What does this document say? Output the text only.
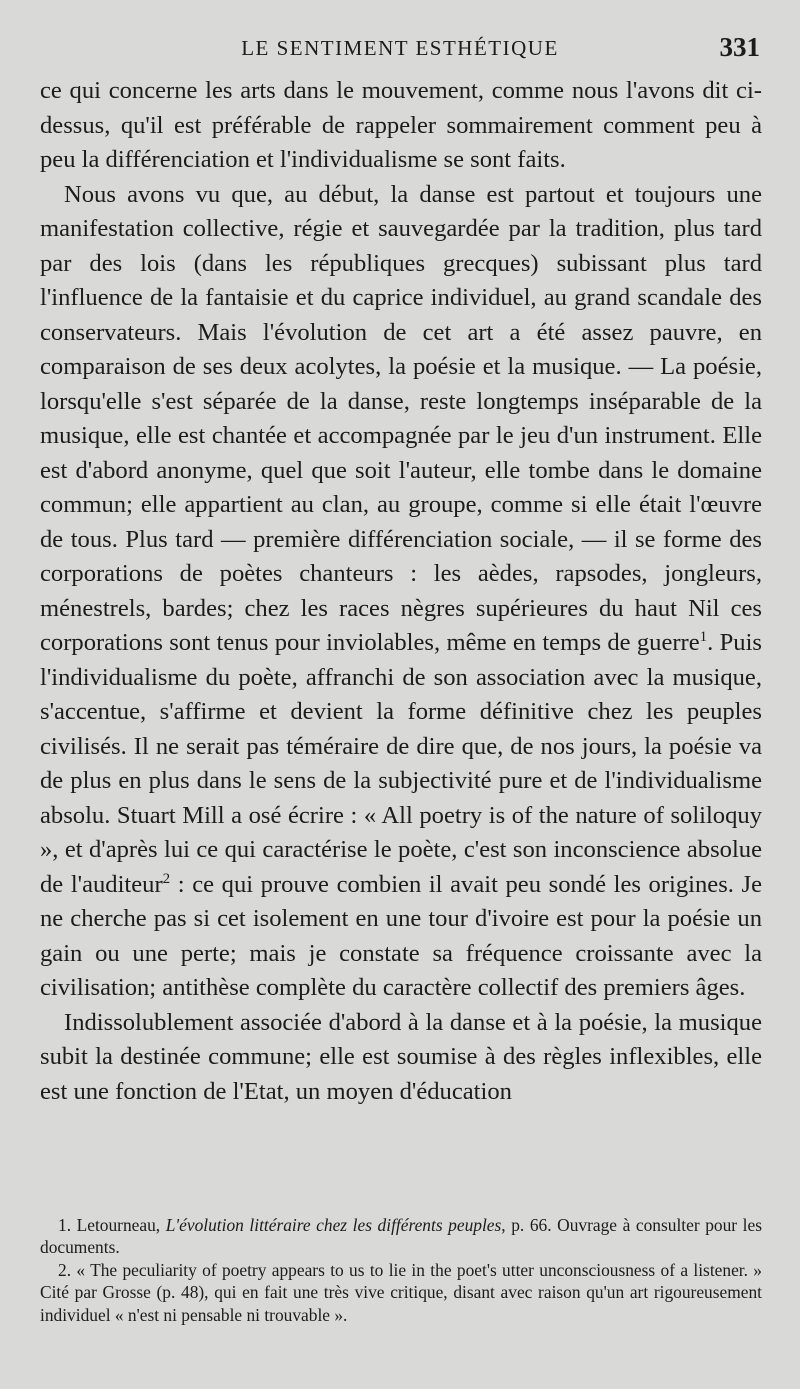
LE SENTIMENT ESTHÉTIQUE	331

ce qui concerne les arts dans le mouvement, comme nous l'avons dit ci-dessus, qu'il est préférable de rappeler sommairement comment peu à peu la différenciation et l'individualisme se sont faits.

Nous avons vu que, au début, la danse est partout et toujours une manifestation collective, régie et sauvegardée par la tradition, plus tard par des lois (dans les républiques grecques) subissant plus tard l'influence de la fantaisie et du caprice individuel, au grand scandale des conservateurs. Mais l'évolution de cet art a été assez pauvre, en comparaison de ses deux acolytes, la poésie et la musique. — La poésie, lorsqu'elle s'est séparée de la danse, reste longtemps inséparable de la musique, elle est chantée et accompagnée par le jeu d'un instrument. Elle est d'abord anonyme, quel que soit l'auteur, elle tombe dans le domaine commun; elle appartient au clan, au groupe, comme si elle était l'œuvre de tous. Plus tard — première différenciation sociale, — il se forme des corporations de poètes chanteurs : les aèdes, rapsodes, jongleurs, ménestrels, bardes; chez les races nègres supérieures du haut Nil ces corporations sont tenus pour inviolables, même en temps de guerre$^1$. Puis l'individualisme du poète, affranchi de son association avec la musique, s'accentue, s'affirme et devient la forme définitive chez les peuples civilisés. Il ne serait pas téméraire de dire que, de nos jours, la poésie va de plus en plus dans le sens de la subjectivité pure et de l'individualisme absolu. Stuart Mill a osé écrire : « All poetry is of the nature of soliloquy », et d'après lui ce qui caractérise le poète, c'est son inconscience absolue de l'auditeur$^2$ : ce qui prouve combien il avait peu sondé les origines. Je ne cherche pas si cet isolement en une tour d'ivoire est pour la poésie un gain ou une perte; mais je constate sa fréquence croissante avec la civilisation; antithèse complète du caractère collectif des premiers âges.

Indissolublement associée d'abord à la danse et à la poésie, la musique subit la destinée commune; elle est soumise à des règles inflexibles, elle est une fonction de l'Etat, un moyen d'éducation

1. Letourneau, L'évolution littéraire chez les différents peuples, p. 66. Ouvrage à consulter pour les documents.

2. « The peculiarity of poetry appears to us to lie in the poet's utter unconsciousness of a listener. » Cité par Grosse (p. 48), qui en fait une très vive critique, disant avec raison qu'un art rigoureusement individuel « n'est ni pensable ni trouvable ».
